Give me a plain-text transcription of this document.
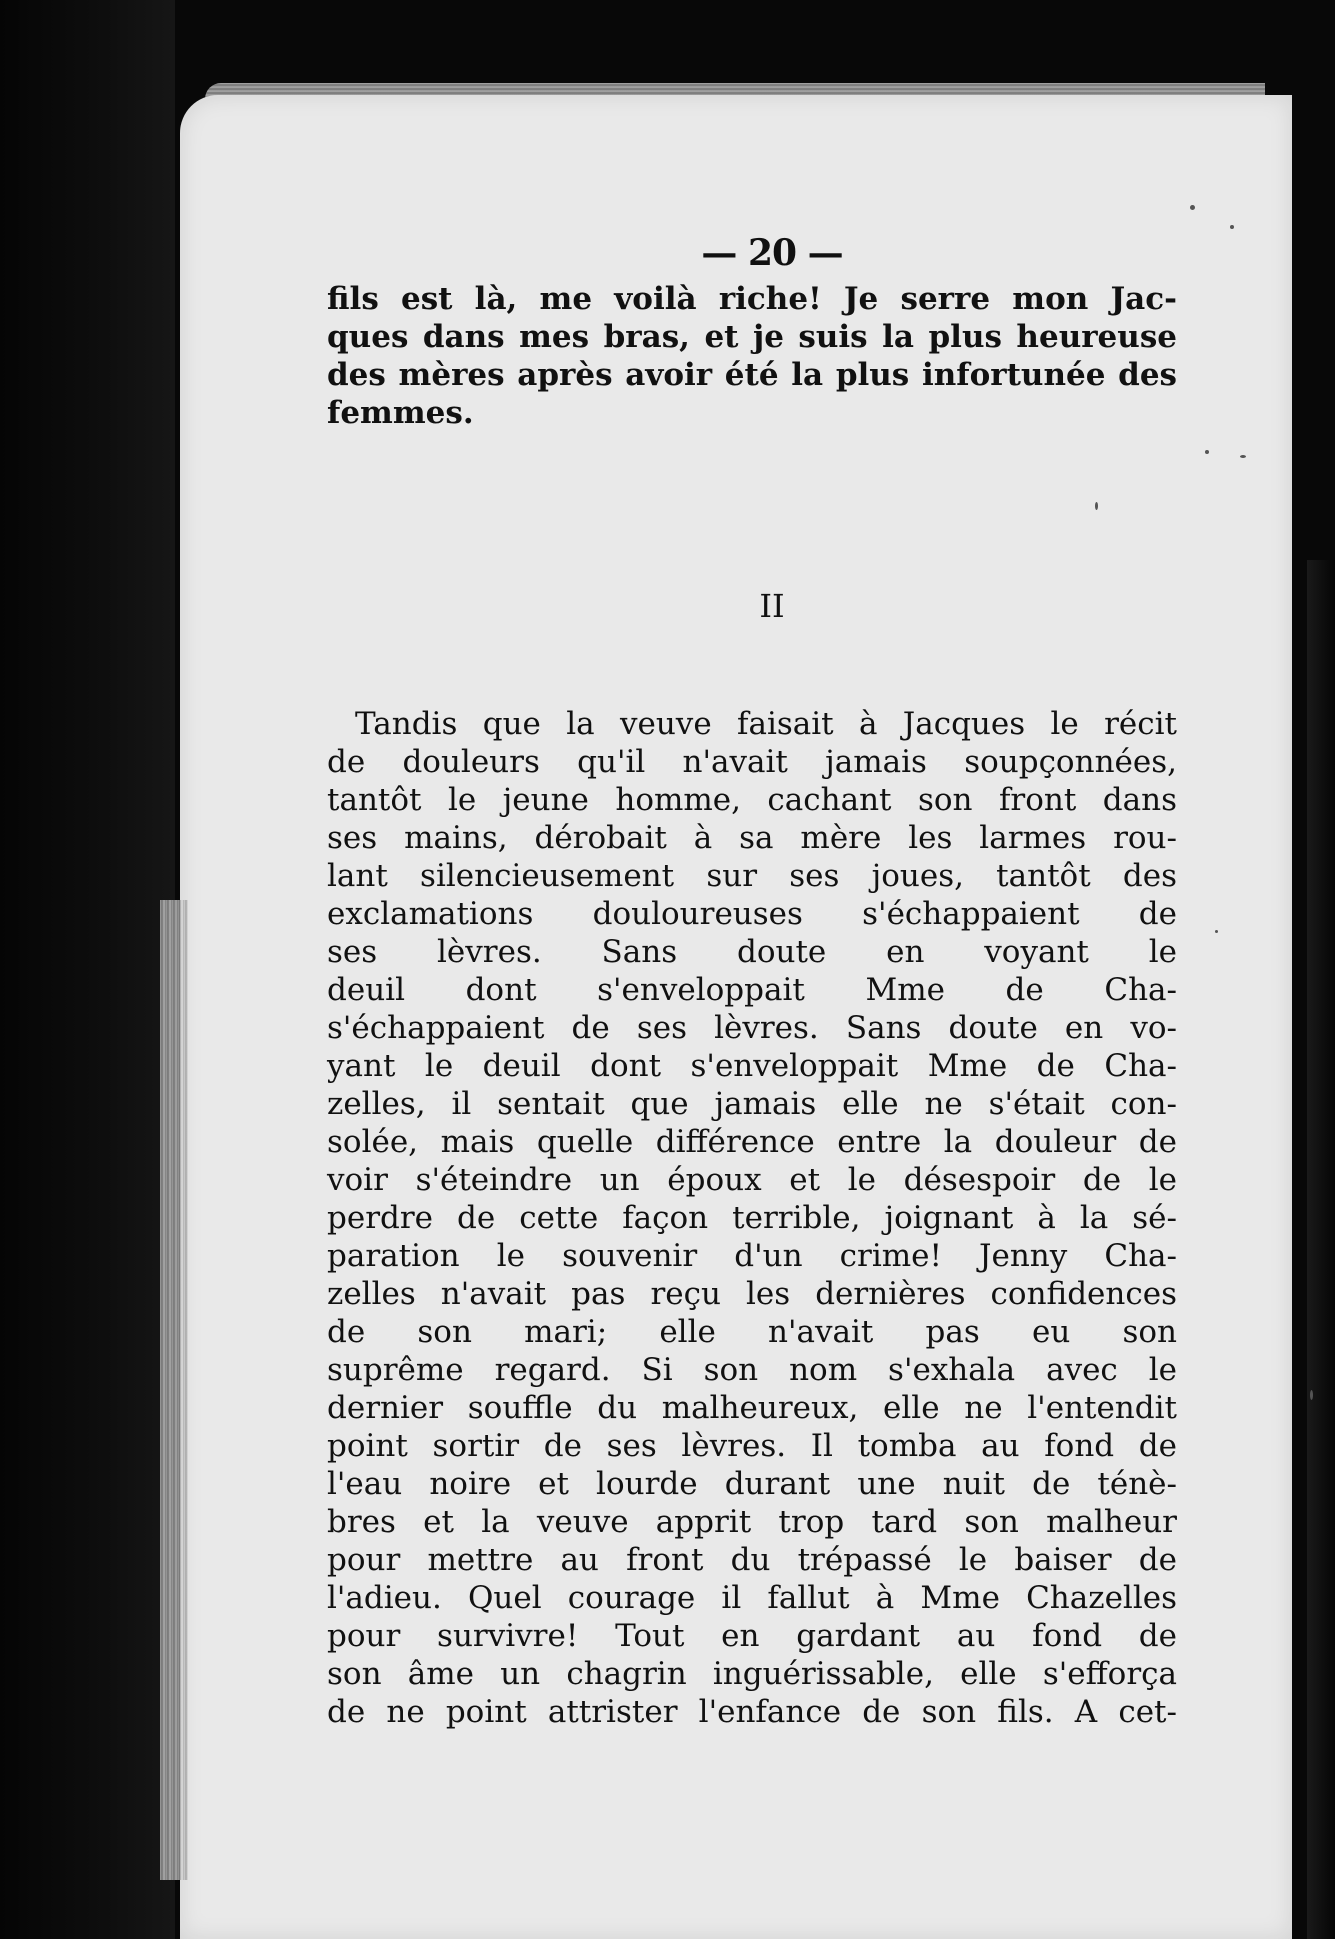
— 20 —

fils est là, me voilà riche! Je serre mon Jac-

ques dans mes bras, et je suis la plus heureuse

des mères après avoir été la plus infortunée des

femmes.

II

Tandis que la veuve faisait à Jacques le récit

de douleurs qu'il n'avait jamais soupçonnées,

tantôt le jeune homme, cachant son front dans

ses mains, dérobait à sa mère les larmes rou-

lant silencieusement sur ses joues, tantôt des

exclamations douloureuses s'échappaient de

ses lèvres. Sans doute en voyant le

deuil dont s'enveloppait Mme de Cha-

s'échappaient de ses lèvres. Sans doute en vo-

yant le deuil dont s'enveloppait Mme de Cha-

zelles, il sentait que jamais elle ne s'était con-

solée, mais quelle différence entre la douleur de

voir s'éteindre un époux et le désespoir de le

perdre de cette façon terrible, joignant à la sé-

paration le souvenir d'un crime! Jenny Cha-

zelles n'avait pas reçu les dernières confidences

de son mari; elle n'avait pas eu son

suprême regard. Si son nom s'exhala avec le

dernier souffle du malheureux, elle ne l'entendit

point sortir de ses lèvres. Il tomba au fond de

l'eau noire et lourde durant une nuit de ténè-

bres et la veuve apprit trop tard son malheur

pour mettre au front du trépassé le baiser de

l'adieu. Quel courage il fallut à Mme Chazelles

pour survivre! Tout en gardant au fond de

son âme un chagrin inguérissable, elle s'efforça

de ne point attrister l'enfance de son fils. A cet-
